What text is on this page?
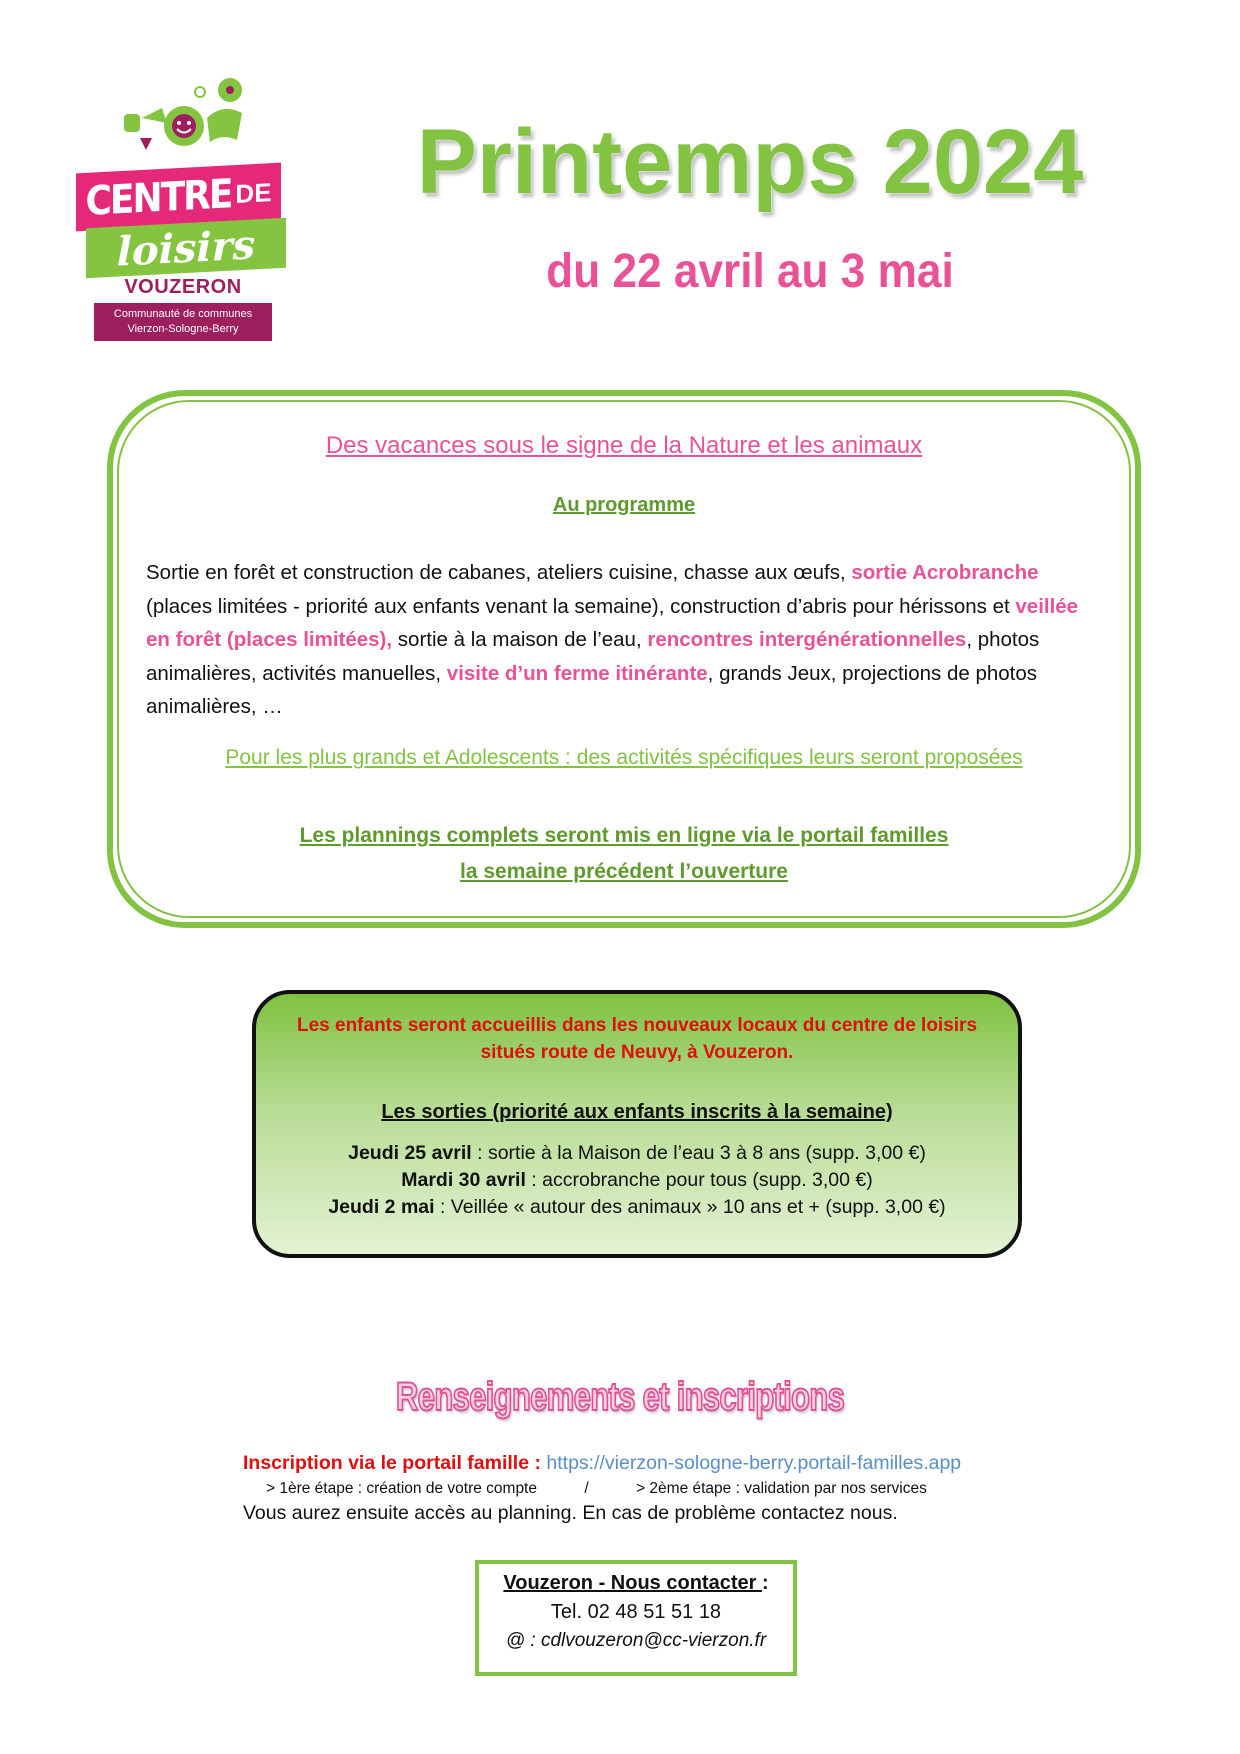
CENTRE DE
loisirs
VOUZERON
Communauté de communes
Vierzon-Sologne-Berry
Printemps 2024
du 22 avril au 3 mai
Des vacances sous le signe de la Nature et les animaux
Au programme
Sortie en forêt et construction de cabanes, ateliers cuisine, chasse aux œufs, sortie Acrobranche (places limitées - priorité aux enfants venant la semaine), construction d’abris pour hérissons et veillée en forêt (places limitées), sortie à la maison de l’eau, rencontres intergénérationnelles, photos animalières, activités manuelles, visite d’un ferme itinérante, grands Jeux, projections de photos animalières, …
Pour les plus grands et Adolescents : des activités spécifiques leurs seront proposées
Les plannings complets seront mis en ligne via le portail familles
la semaine précédent l’ouverture
Les enfants seront accueillis dans les nouveaux locaux du centre de loisirs
situés route de Neuvy, à Vouzeron.
Les sorties (priorité aux enfants inscrits à la semaine)
Jeudi 25 avril : sortie à la Maison de l’eau 3 à 8 ans (supp. 3,00 €)
Mardi 30 avril : accrobranche pour tous (supp. 3,00 €)
Jeudi 2 mai : Veillée « autour des animaux » 10 ans et + (supp. 3,00 €)
Renseignements et inscriptions
Inscription via le portail famille : https://vierzon-sologne-berry.portail-familles.app
> 1ère étape : création de votre compte	/	> 2ème étape : validation par nos services
Vous aurez ensuite accès au planning. En cas de problème contactez nous.
Vouzeron - Nous contacter :
Tel. 02 48 51 51 18
@ : cdlvouzeron@cc-vierzon.fr
